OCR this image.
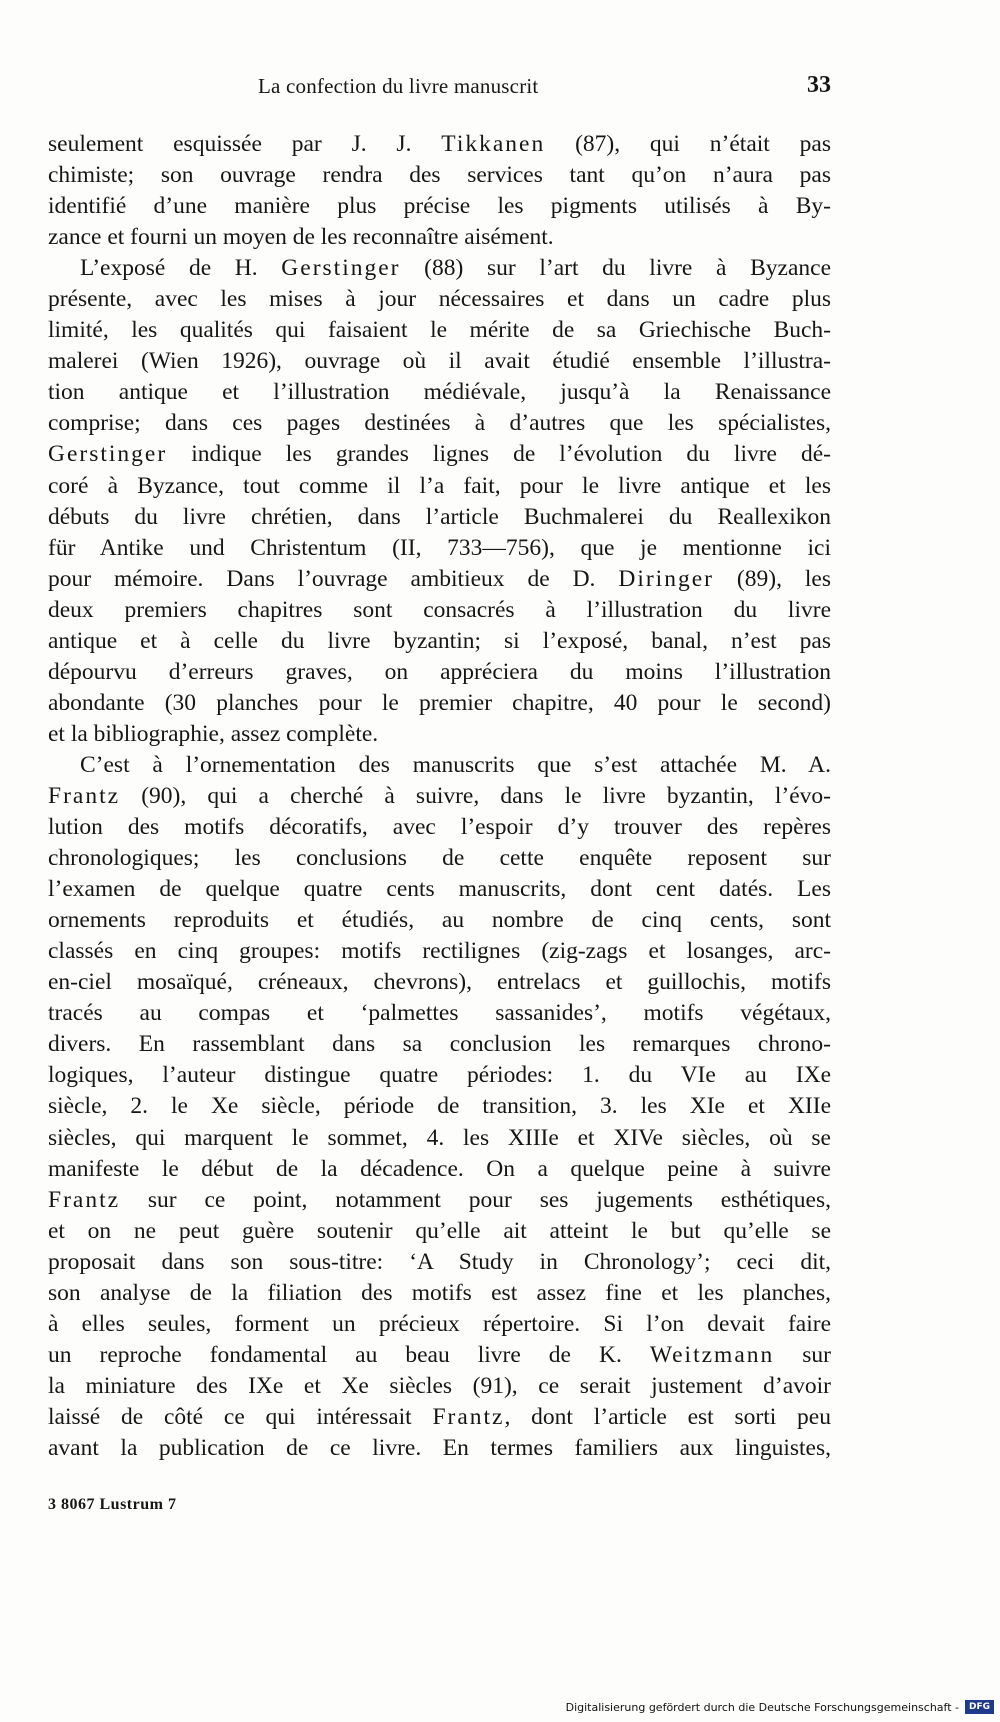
La confection du livre manuscrit	33
seulement esquissée par J. J. Tikkanen (87), qui n’était pas
chimiste; son ouvrage rendra des services tant qu’on n’aura pas
identifié d’une manière plus précise les pigments utilisés à By-
zance et fourni un moyen de les reconnaître aisément.
L’exposé de H. Gerstinger (88) sur l’art du livre à Byzance
présente, avec les mises à jour nécessaires et dans un cadre plus
limité, les qualités qui faisaient le mérite de sa Griechische Buch-
malerei (Wien 1926), ouvrage où il avait étudié ensemble l’illustra-
tion antique et l’illustration médiévale, jusqu’à la Renaissance
comprise; dans ces pages destinées à d’autres que les spécialistes,
Gerstinger indique les grandes lignes de l’évolution du livre dé-
coré à Byzance, tout comme il l’a fait, pour le livre antique et les
débuts du livre chrétien, dans l’article Buchmalerei du Reallexikon
für Antike und Christentum (II, 733—756), que je mentionne ici
pour mémoire. Dans l’ouvrage ambitieux de D. Diringer (89), les
deux premiers chapitres sont consacrés à l’illustration du livre
antique et à celle du livre byzantin; si l’exposé, banal, n’est pas
dépourvu d’erreurs graves, on appréciera du moins l’illustration
abondante (30 planches pour le premier chapitre, 40 pour le second)
et la bibliographie, assez complète.
C’est à l’ornementation des manuscrits que s’est attachée M. A.
Frantz (90), qui a cherché à suivre, dans le livre byzantin, l’évo-
lution des motifs décoratifs, avec l’espoir d’y trouver des repères
chronologiques; les conclusions de cette enquête reposent sur
l’examen de quelque quatre cents manuscrits, dont cent datés. Les
ornements reproduits et étudiés, au nombre de cinq cents, sont
classés en cinq groupes: motifs rectilignes (zig-zags et losanges, arc-
en-ciel mosaïqué, créneaux, chevrons), entrelacs et guillochis, motifs
tracés au compas et ‘palmettes sassanides’, motifs végétaux,
divers. En rassemblant dans sa conclusion les remarques chrono-
logiques, l’auteur distingue quatre périodes: 1. du VIe au IXe
siècle, 2. le Xe siècle, période de transition, 3. les XIe et XIIe
siècles, qui marquent le sommet, 4. les XIIIe et XIVe siècles, où se
manifeste le début de la décadence. On a quelque peine à suivre
Frantz sur ce point, notamment pour ses jugements esthétiques,
et on ne peut guère soutenir qu’elle ait atteint le but qu’elle se
proposait dans son sous-titre: ‘A Study in Chronology’; ceci dit,
son analyse de la filiation des motifs est assez fine et les planches,
à elles seules, forment un précieux répertoire. Si l’on devait faire
un reproche fondamental au beau livre de K. Weitzmann sur
la miniature des IXe et Xe siècles (91), ce serait justement d’avoir
laissé de côté ce qui intéressait Frantz, dont l’article est sorti peu
avant la publication de ce livre. En termes familiers aux linguistes,
3 8067 Lustrum 7
Digitalisierung gefördert durch die Deutsche Forschungsgemeinschaft -	DFG
